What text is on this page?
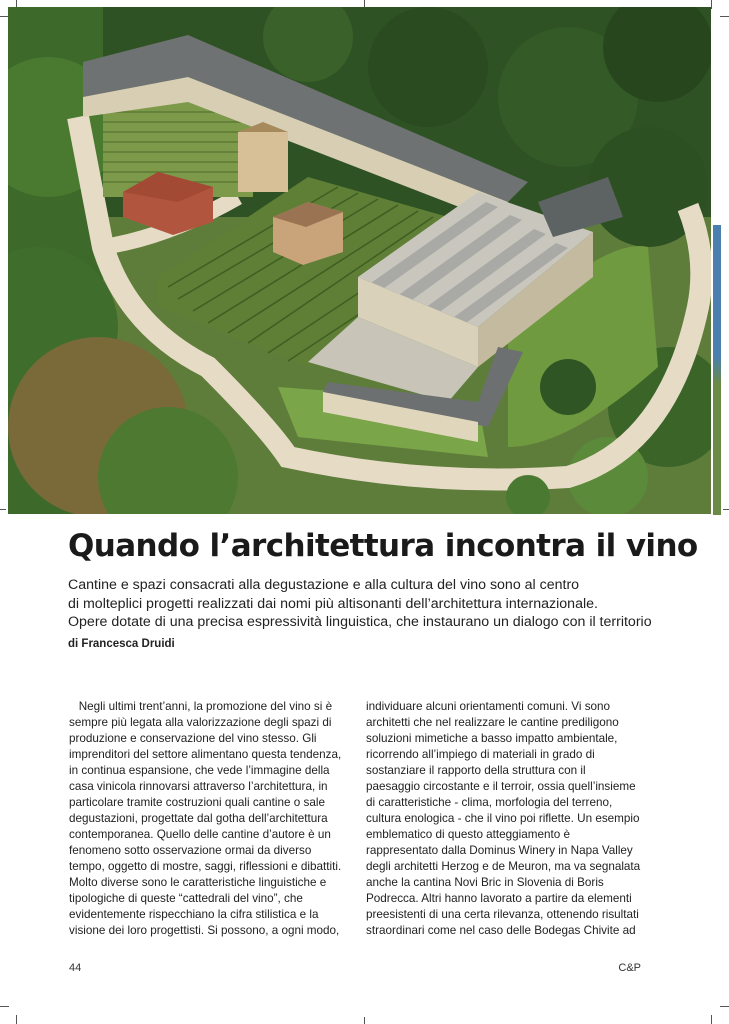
Quando l’architettura incontra il vino
Cantine e spazi consacrati alla degustazione e alla cultura del vino sono al centro
di molteplici progetti realizzati dai nomi più altisonanti dell’architettura internazionale.
Opere dotate di una precisa espressività linguistica, che instaurano un dialogo con il territorio

di Francesca Druidi

Negli ultimi trent’anni, la promozione del vino si è
sempre più legata alla valorizzazione degli spazi di
produzione e conservazione del vino stesso. Gli
imprenditori del settore alimentano questa tendenza,
in continua espansione, che vede l’immagine della
casa vinicola rinnovarsi attraverso l’architettura, in
particolare tramite costruzioni quali cantine o sale
degustazioni, progettate dal gotha dell’architettura
contemporanea. Quello delle cantine d’autore è un
fenomeno sotto osservazione ormai da diverso
tempo, oggetto di mostre, saggi, riflessioni e dibattiti.
Molto diverse sono le caratteristiche linguistiche e
tipologiche di queste “cattedrali del vino”, che
evidentemente rispecchiano la cifra stilistica e la
visione dei loro progettisti. Si possono, a ogni modo,
individuare alcuni orientamenti comuni. Vi sono
architetti che nel realizzare le cantine prediligono
soluzioni mimetiche a basso impatto ambientale,
ricorrendo all’impiego di materiali in grado di
sostanziare il rapporto della struttura con il
paesaggio circostante e il terroir, ossia quell’insieme
di caratteristiche - clima, morfologia del terreno,
cultura enologica - che il vino poi riflette. Un esempio
emblematico di questo atteggiamento è
rappresentato dalla Dominus Winery in Napa Valley
degli architetti Herzog e de Meuron, ma va segnalata
anche la cantina Novi Bric in Slovenia di Boris
Podrecca. Altri hanno lavorato a partire da elementi
preesistenti di una certa rilevanza, ottenendo risultati
straordinari come nel caso delle Bodegas Chivite ad
44	C&P
